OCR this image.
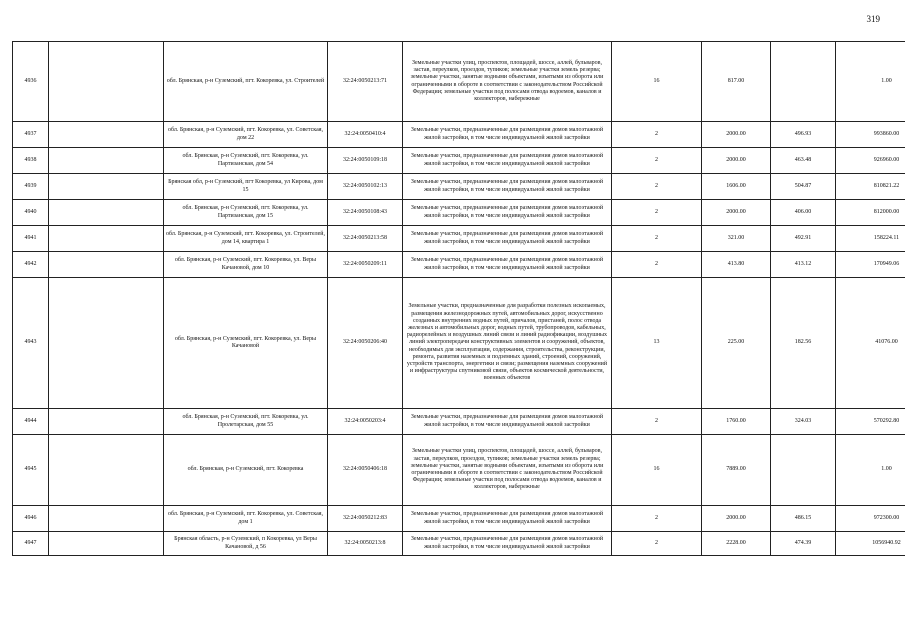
319
4936		обл. Брянская, р-н Суземский, пгт. Кокоревка, ул. Строителей	32:24:0050213:71	Земельные участки улиц, проспектов, площадей, шоссе, аллей, бульваров, застав, переулков, проездов, тупиков; земельные участки земель резерва; земельные участки, занятые водными объектами, изъятыми из оборота или ограниченными в обороте в соответствии с законодательством Российской Федерации; земельные участки под полосами отвода водоемов, каналов и коллекторов, набережные	16	817.00		1.00
4937		обл. Брянская, р-н Суземский, пгт. Кокоревка, ул. Советская, дом 22	32:24:0050410:4	Земельные участки, предназначенные для размещения домов малоэтажной жилой застройки, в том числе индивидуальной жилой застройки	2	2000.00	496.93	993860.00
4938		обл. Брянская, р-н Суземский, пгт. Кокоревка, ул. Партизанская, дом 54	32:24:0050109:18	Земельные участки, предназначенные для размещения домов малоэтажной жилой застройки, в том числе индивидуальной жилой застройки	2	2000.00	463.48	926960.00
4939		Брянская обл, р-н Суземский, пгт Кокоревка, ул Кирова, дом 15	32:24:0050102:13	Земельные участки, предназначенные для размещения домов малоэтажной жилой застройки, в том числе индивидуальной жилой застройки	2	1606.00	504.87	810821.22
4940		обл. Брянская, р-н Суземский, пгт. Кокоревка, ул. Партизанская, дом 15	32:24:0050108:43	Земельные участки, предназначенные для размещения домов малоэтажной жилой застройки, в том числе индивидуальной жилой застройки	2	2000.00	406.00	812000.00
4941		обл. Брянская, р-н Суземский, пгт. Кокоревка, ул. Строителей, дом 14, квартира 1	32:24:0050213:58	Земельные участки, предназначенные для размещения домов малоэтажной жилой застройки, в том числе индивидуальной жилой застройки	2	321.00	492.91	158224.11
4942		обл. Брянская, р-н Суземский, пгт. Кокоревка, ул. Веры Качановой, дом 10	32:24:0050209:11	Земельные участки, предназначенные для размещения домов малоэтажной жилой застройки, в том числе индивидуальной жилой застройки	2	413.80	413.12	170949.06
4943		обл. Брянская, р-н Суземский, пгт. Кокоревка, ул. Веры Качановой	32:24:0050206:40	Земельные участки, предназначенные для разработки полезных ископаемых, размещения железнодорожных путей, автомобильных дорог, искусственно созданных внутренних водных путей, причалов, пристаней, полос отвода железных и автомобильных дорог, водных путей, трубопроводов, кабельных, радиорелейных и воздушных линий связи и линий радиофикации, воздушных линий электропередачи конструктивных элементов и сооружений, объектов, необходимых для эксплуатации, содержания, строительства, реконструкции, ремонта, развития наземных и подземных зданий, строений, сооружений, устройств транспорта, энергетики и связи; размещения наземных сооружений и инфраструктуры спутниковой связи, объектов космической деятельности, военных объектов	13	225.00	182.56	41076.00
4944		обл. Брянская, р-н Суземский, пгт. Кокоревка, ул. Пролетарская, дом 55	32:24:0050203:4	Земельные участки, предназначенные для размещения домов малоэтажной жилой застройки, в том числе индивидуальной жилой застройки	2	1760.00	324.03	570292.80
4945		обл. Брянская, р-н Суземский, пгт. Кокоревка	32:24:0050406:18	Земельные участки улиц, проспектов, площадей, шоссе, аллей, бульваров, застав, переулков, проездов, тупиков; земельные участки земель резерва; земельные участки, занятые водными объектами, изъятыми из оборота или ограниченными в обороте в соответствии с законодательством Российской Федерации; земельные участки под полосами отвода водоемов, каналов и коллекторов, набережные	16	7889.00		1.00
4946		обл. Брянская, р-н Суземский, пгт. Кокоревка, ул. Советская, дом 1	32:24:0050212:83	Земельные участки, предназначенные для размещения домов малоэтажной жилой застройки, в том числе индивидуальной жилой застройки	2	2000.00	486.15	972300.00
4947		Брянская область, р-н Суземский, п Кокоревка, ул Веры Качановой, д 56	32:24:0050213:8	Земельные участки, предназначенные для размещения домов малоэтажной жилой застройки, в том числе индивидуальной жилой застройки	2	2228.00	474.39	1056940.92
